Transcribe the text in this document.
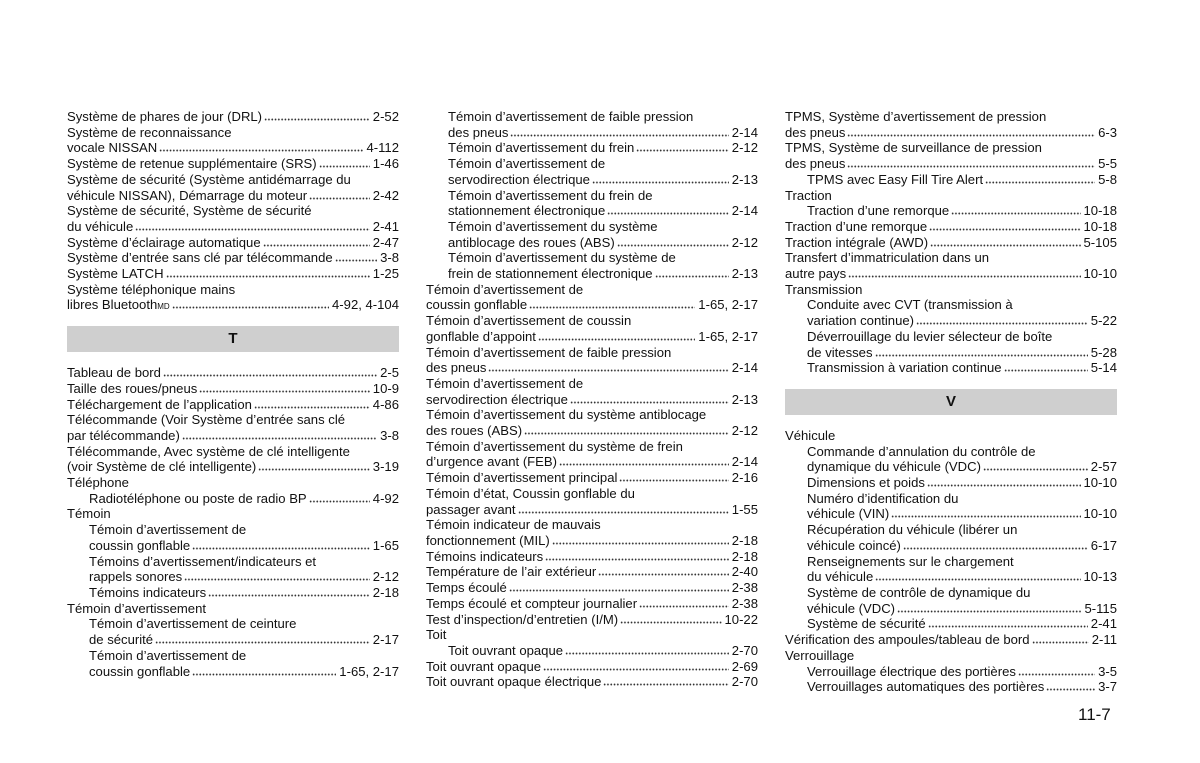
Système de phares de jour (DRL)	2-52
Système de reconnaissance
vocale NISSAN	4-112
Système de retenue supplémentaire (SRS)	1-46
Système de sécurité (Système antidémarrage du
véhicule NISSAN), Démarrage du moteur	2-42
Système de sécurité, Système de sécurité
du véhicule	2-41
Système d’éclairage automatique	2-47
Système d’entrée sans clé par télécommande	3-8
Système LATCH	1-25
Système téléphonique mains
libres Bluetooth MD	4-92, 4-104
T
Tableau de bord	2-5
Taille des roues/pneus	10-9
Téléchargement de l’application	4-86
Télécommande (Voir Système d’entrée sans clé
par télécommande)	3-8
Télécommande, Avec système de clé intelligente
(voir Système de clé intelligente)	3-19
Téléphone
Radiotéléphone ou poste de radio BP	4-92
Témoin
Témoin d’avertissement de
coussin gonflable	1-65
Témoins d’avertissement/indicateurs et
rappels sonores	2-12
Témoins indicateurs	2-18
Témoin d’avertissement
Témoin d’avertissement de ceinture
de sécurité	2-17
Témoin d’avertissement de
coussin gonflable	1-65, 2-17
Témoin d’avertissement de faible pression
des pneus	2-14
Témoin d’avertissement du frein	2-12
Témoin d’avertissement de
servodirection électrique	2-13
Témoin d’avertissement du frein de
stationnement électronique	2-14
Témoin d’avertissement du système
antiblocage des roues (ABS)	2-12
Témoin d’avertissement du système de
frein de stationnement électronique	2-13
Témoin d’avertissement de
coussin gonflable	1-65, 2-17
Témoin d’avertissement de coussin
gonflable d’appoint	1-65, 2-17
Témoin d’avertissement de faible pression
des pneus	2-14
Témoin d’avertissement de
servodirection électrique	2-13
Témoin d’avertissement du système antiblocage
des roues (ABS)	2-12
Témoin d’avertissement du système de frein
d’urgence avant (FEB)	2-14
Témoin d’avertissement principal	2-16
Témoin d’état, Coussin gonflable du
passager avant	1-55
Témoin indicateur de mauvais
fonctionnement (MIL)	2-18
Témoins indicateurs	2-18
Température de l’air extérieur	2-40
Temps écoulé	2-38
Temps écoulé et compteur journalier	2-38
Test d’inspection/d’entretien (I/M)	10-22
Toit
Toit ouvrant opaque	2-70
Toit ouvrant opaque	2-69
Toit ouvrant opaque électrique	2-70
TPMS, Système d’avertissement de pression
des pneus	6-3
TPMS, Système de surveillance de pression
des pneus	5-5
TPMS avec Easy Fill Tire Alert	5-8
Traction
Traction d’une remorque	10-18
Traction d’une remorque	10-18
Traction intégrale (AWD)	5-105
Transfert d’immatriculation dans un
autre pays	10-10
Transmission
Conduite avec CVT (transmission à
variation continue)	5-22
Déverrouillage du levier sélecteur de boîte
de vitesses	5-28
Transmission à variation continue	5-14
V
Véhicule
Commande d’annulation du contrôle de
dynamique du véhicule (VDC)	2-57
Dimensions et poids	10-10
Numéro d’identification du
véhicule (VIN)	10-10
Récupération du véhicule (libérer un
véhicule coincé)	6-17
Renseignements sur le chargement
du véhicule	10-13
Système de contrôle de dynamique du
véhicule (VDC)	5-115
Système de sécurité	2-41
Vérification des ampoules/tableau de bord	2-11
Verrouillage
Verrouillage électrique des portières	3-5
Verrouillages automatiques des portières	3-7
11-7
